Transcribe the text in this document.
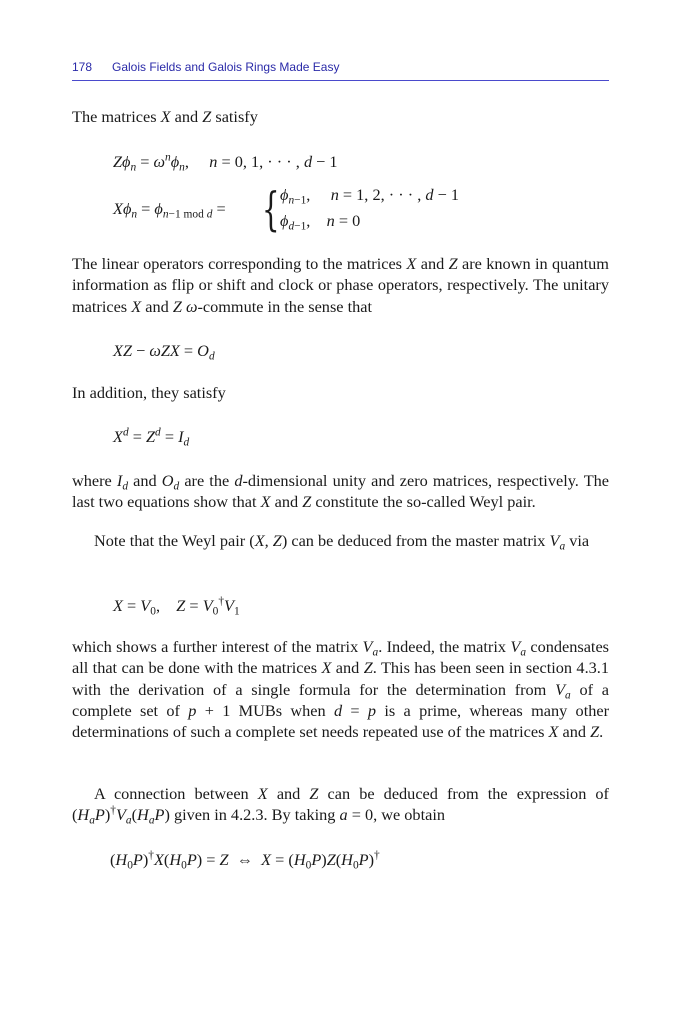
178 Galois Fields and Galois Rings Made Easy
The matrices X and Z satisfy
$Z\phi_n = \omega^n\phi_n$,     n = 0, 1, · · · , d − 1
$X\phi_n = \phi_{n-1 mod d}$ = { $\phi_{n-1}$,     n = 1, 2, · · · , d − 1
$\phi_{d-1}$,    n = 0
The linear operators corresponding to the matrices X and Z are known in quantum information as flip or shift and clock or phase operators, respectively. The unitary matrices X and Z ω-commute in the sense that
XZ − $\omega ZX = O_d$
In addition, they satisfy
$X^d = Z^d = I_d$
where $I_d$ and $O_d$ are the d-dimensional unity and zero matrices, respectively. The last two equations show that X and Z constitute the so-called Weyl pair.
Note that the Weyl pair (X, Z) can be deduced from the master matrix $V_a$ via
$X = V_0$,    $Z = V_0^\dagger V_1$
which shows a further interest of the matrix $V_a$. Indeed, the matrix $V_a$ condensates all that can be done with the matrices X and Z. This has been seen in section 4.3.1 with the derivation of a single formula for the determination from $V_a$ of a complete set of p + 1 MUBs when d = p is a prime, whereas many other determinations of such a complete set needs repeated use of the matrices X and Z.
A connection between X and Z can be deduced from the expression of $(H_aP)^\dagger V_a(H_aP)$ given in 4.2.3. By taking a = 0, we obtain
$(H_0P)^\dagger X(H_0P) = Z$  ⇔  $X = (H_0P)Z(H_0P)^\dagger$
